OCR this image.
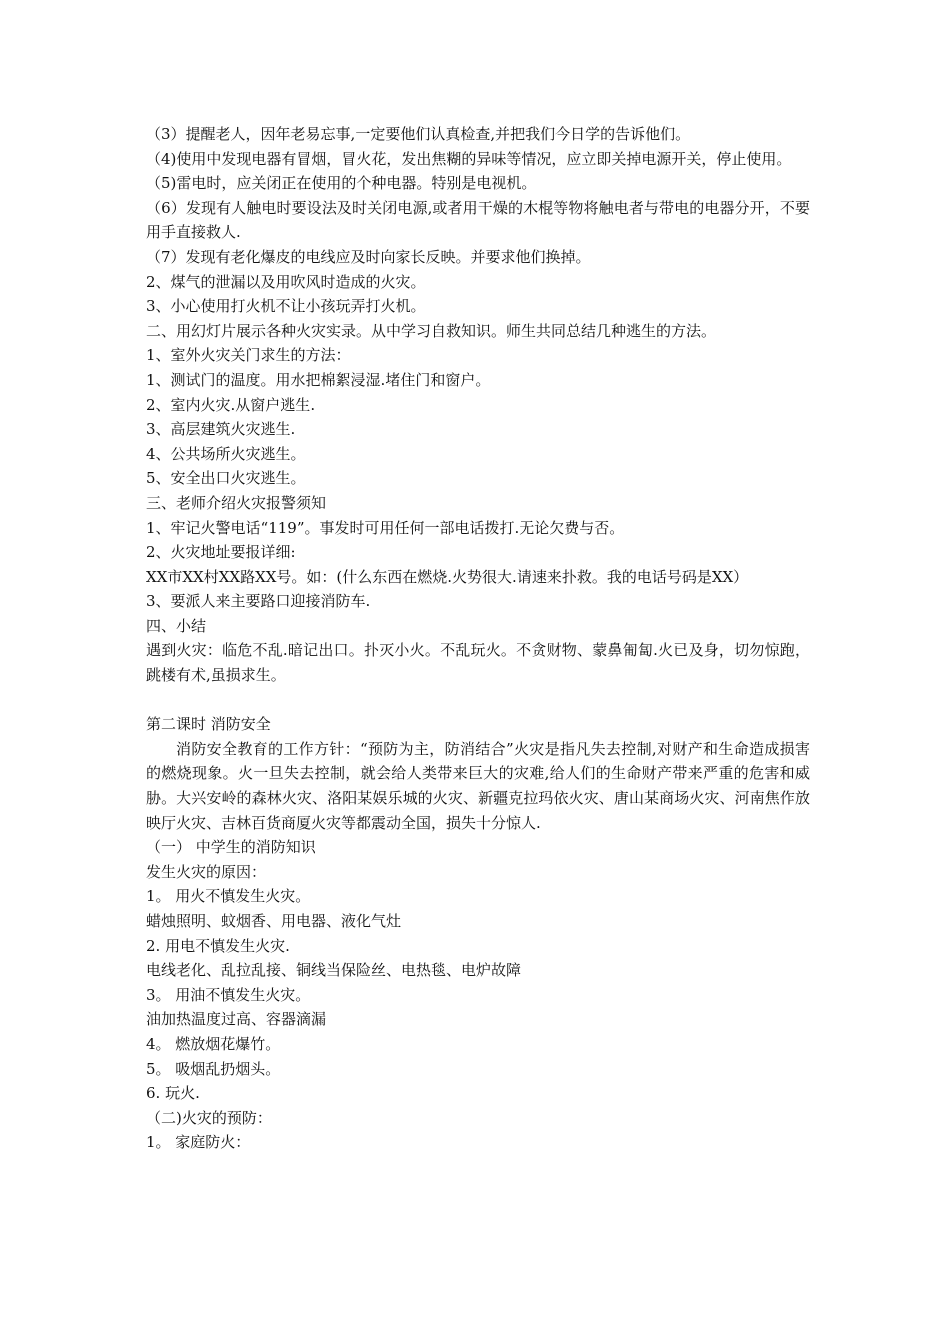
（3）提醒老人，因年老易忘事,一定要他们认真检查,并把我们今日学的告诉他们。

（4)使用中发现电器有冒烟，冒火花，发出焦糊的异味等情况，应立即关掉电源开关，停止使用。

（5)雷电时，应关闭正在使用的个种电器。特别是电视机。

（6）发现有人触电时要设法及时关闭电源,或者用干燥的木棍等物将触电者与带电的电器分开，不要用手直接救人.

（7）发现有老化爆皮的电线应及时向家长反映。并要求他们换掉。

2、煤气的泄漏以及用吹风时造成的火灾。

3、小心使用打火机不让小孩玩弄打火机。

二、用幻灯片展示各种火灾实录。从中学习自救知识。师生共同总结几种逃生的方法。

1、室外火灾关门求生的方法：

1、测试门的温度。用水把棉絮浸湿.堵住门和窗户。

2、室内火灾.从窗户逃生.

3、高层建筑火灾逃生.

4、公共场所火灾逃生。

5、安全出口火灾逃生。

三、老师介绍火灾报警须知

1、牢记火警电话“119”。事发时可用任何一部电话拨打.无论欠费与否。

2、火灾地址要报详细:

XX市XX村XX路XX号。如：(什么东西在燃烧.火势很大.请速来扑救。我的电话号码是XX）

3、要派人来主要路口迎接消防车.

四、小结

遇到火灾：临危不乱.暗记出口。扑灭小火。不乱玩火。不贪财物、蒙鼻匍匐.火已及身，切勿惊跑，跳楼有术,虽损求生。

第二课时 消防安全

消防安全教育的工作方针：“预防为主，防消结合”火灾是指凡失去控制,对财产和生命造成损害的燃烧现象。火一旦失去控制，就会给人类带来巨大的灾难,给人们的生命财产带来严重的危害和威胁。大兴安岭的森林火灾、洛阳某娱乐城的火灾、新疆克拉玛依火灾、唐山某商场火灾、河南焦作放映厅火灾、吉林百货商厦火灾等都震动全国，损失十分惊人.

（一） 中学生的消防知识

发生火灾的原因：

1。 用火不慎发生火灾。

蜡烛照明、蚊烟香、用电器、液化气灶

2. 用电不慎发生火灾.

电线老化、乱拉乱接、铜线当保险丝、电热毯、电炉故障

3。 用油不慎发生火灾。

油加热温度过高、容器滴漏

4。 燃放烟花爆竹。

5。 吸烟乱扔烟头。

6. 玩火.

（二)火灾的预防：

1。 家庭防火：
